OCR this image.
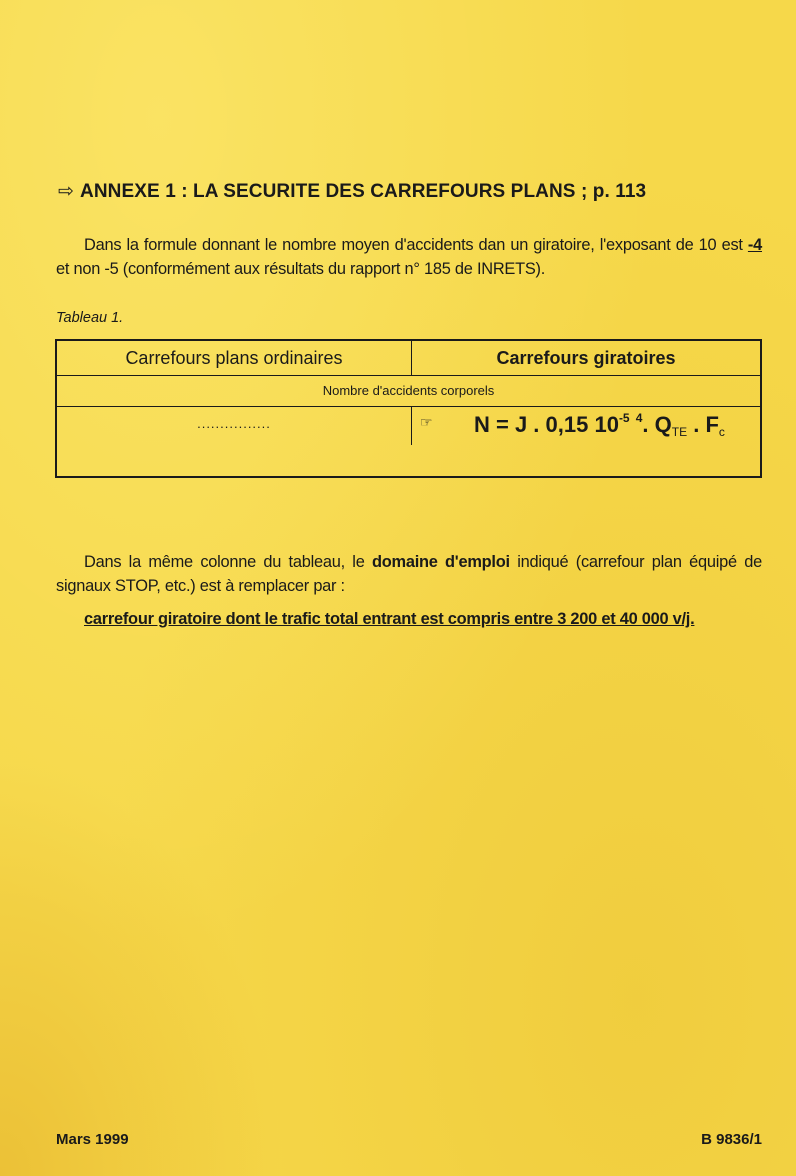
⇨ ANNEXE 1 : LA SECURITE DES CARREFOURS PLANS ; p. 113
Dans la formule donnant le nombre moyen d'accidents dan un giratoire, l'exposant de 10 est -4 et non -5 (conformément aux résultats du rapport n° 185 de INRETS).
Tableau 1.
Carrefours plans ordinaires	Carrefours giratoires
Nombre d'accidents corporels
................	☞ N = J . 0,15 $10^{-5}$ $^4$. $Q_{TE}$ . $F_c$
Dans la même colonne du tableau, le domaine d'emploi indiqué (carrefour plan équipé de signaux STOP, etc.) est à remplacer par :
carrefour giratoire dont le trafic total entrant est compris entre 3 200 et 40 000 v/j.
Mars 1999	B 9836/1
